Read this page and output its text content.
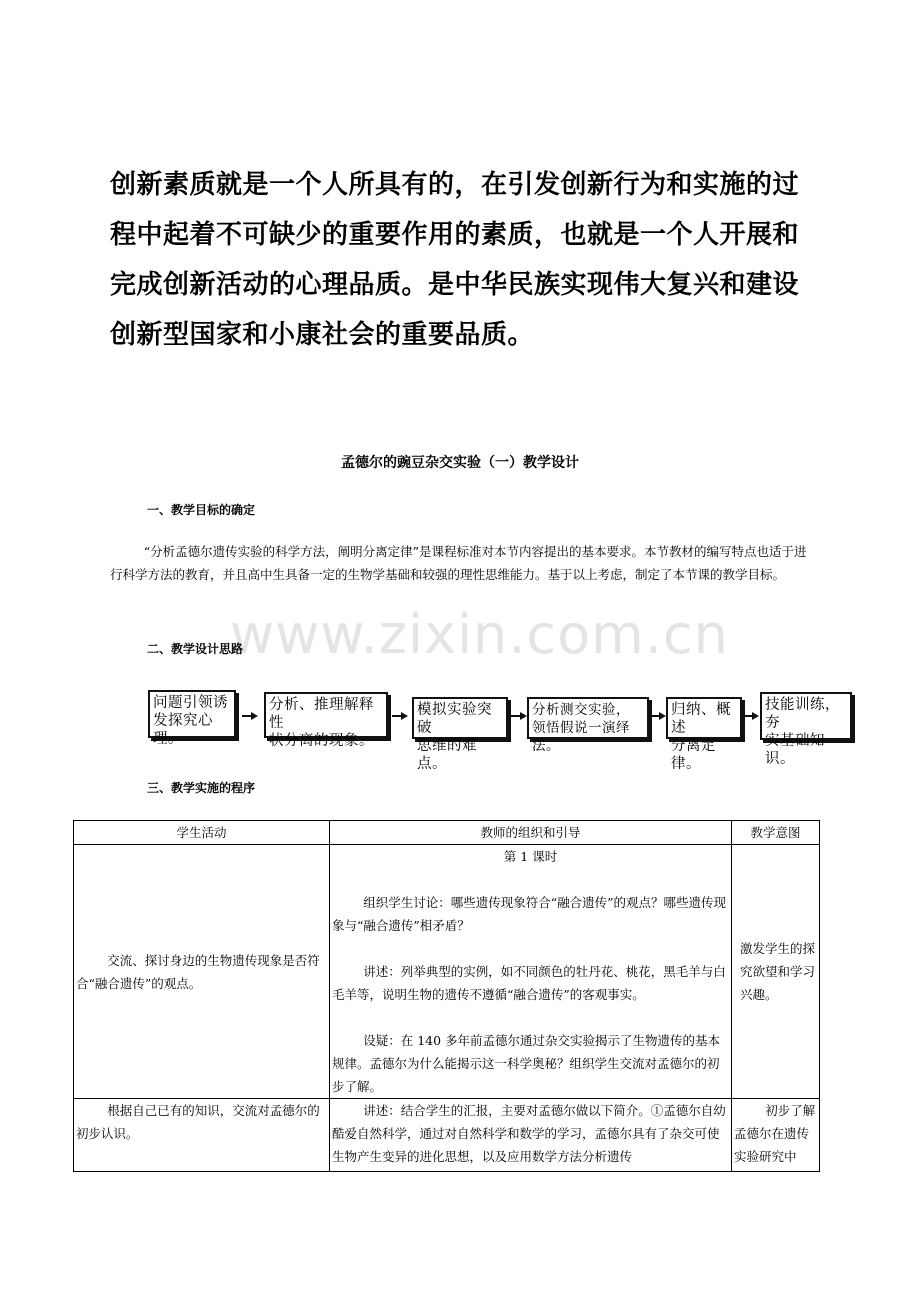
创新素质就是一个人所具有的，在引发创新行为和实施的过程中起着不可缺少的重要作用的素质，也就是一个人开展和完成创新活动的心理品质。是中华民族实现伟大复兴和建设创新型国家和小康社会的重要品质。

孟德尔的豌豆杂交实验（一）教学设计
一、教学目标的确定

“分析孟德尔遗传实验的科学方法，阐明分离定律”是课程标准对本节内容提出的基本要求。本节教材的编写特点也适于进行科学方法的教育，并且高中生具备一定的生物学基础和较强的理性思维能力。基于以上考虑，制定了本节课的教学目标。

www.zixin.com.cn
二、教学设计思路
问题引领诱
发探究心理。
分析、推理解释性
状分离的现象。
模拟实验突破
思维的难点。
分析测交实验，
领悟假说一演绎法。
归纳、概述
分离定律。
技能训练，夯
实基础知识。
三、教学实施的程序
学生活动	教师的组织和引导	教学意图

交流、探讨身边的生物遗传现象是否符合“融合遗传”的观点。	第 1 课时

组织学生讨论：哪些遗传现象符合“融合遗传”的观点？哪些遗传现象与“融合遗传”相矛盾？

讲述：列举典型的实例，如不同颜色的牡丹花、桃花，黑毛羊与白毛羊等，说明生物的遗传不遵循“融合遗传”的客观事实。

设疑：在 140 多年前孟德尔通过杂交实验揭示了生物遗传的基本规律。孟德尔为什么能揭示这一科学奥秘？组织学生交流对孟德尔的初步了解。	激发学生的探究欲望和学习兴趣。

根据自己已有的知识，交流对孟德尔的初步认识。	讲述：结合学生的汇报，主要对孟德尔做以下简介。①孟德尔自幼酷爱自然科学，通过对自然科学和数学的学习，孟德尔具有了杂交可使生物产生变异的进化思想，以及应用数学方法分析遗传	初步了解孟德尔在遗传实验研究中
